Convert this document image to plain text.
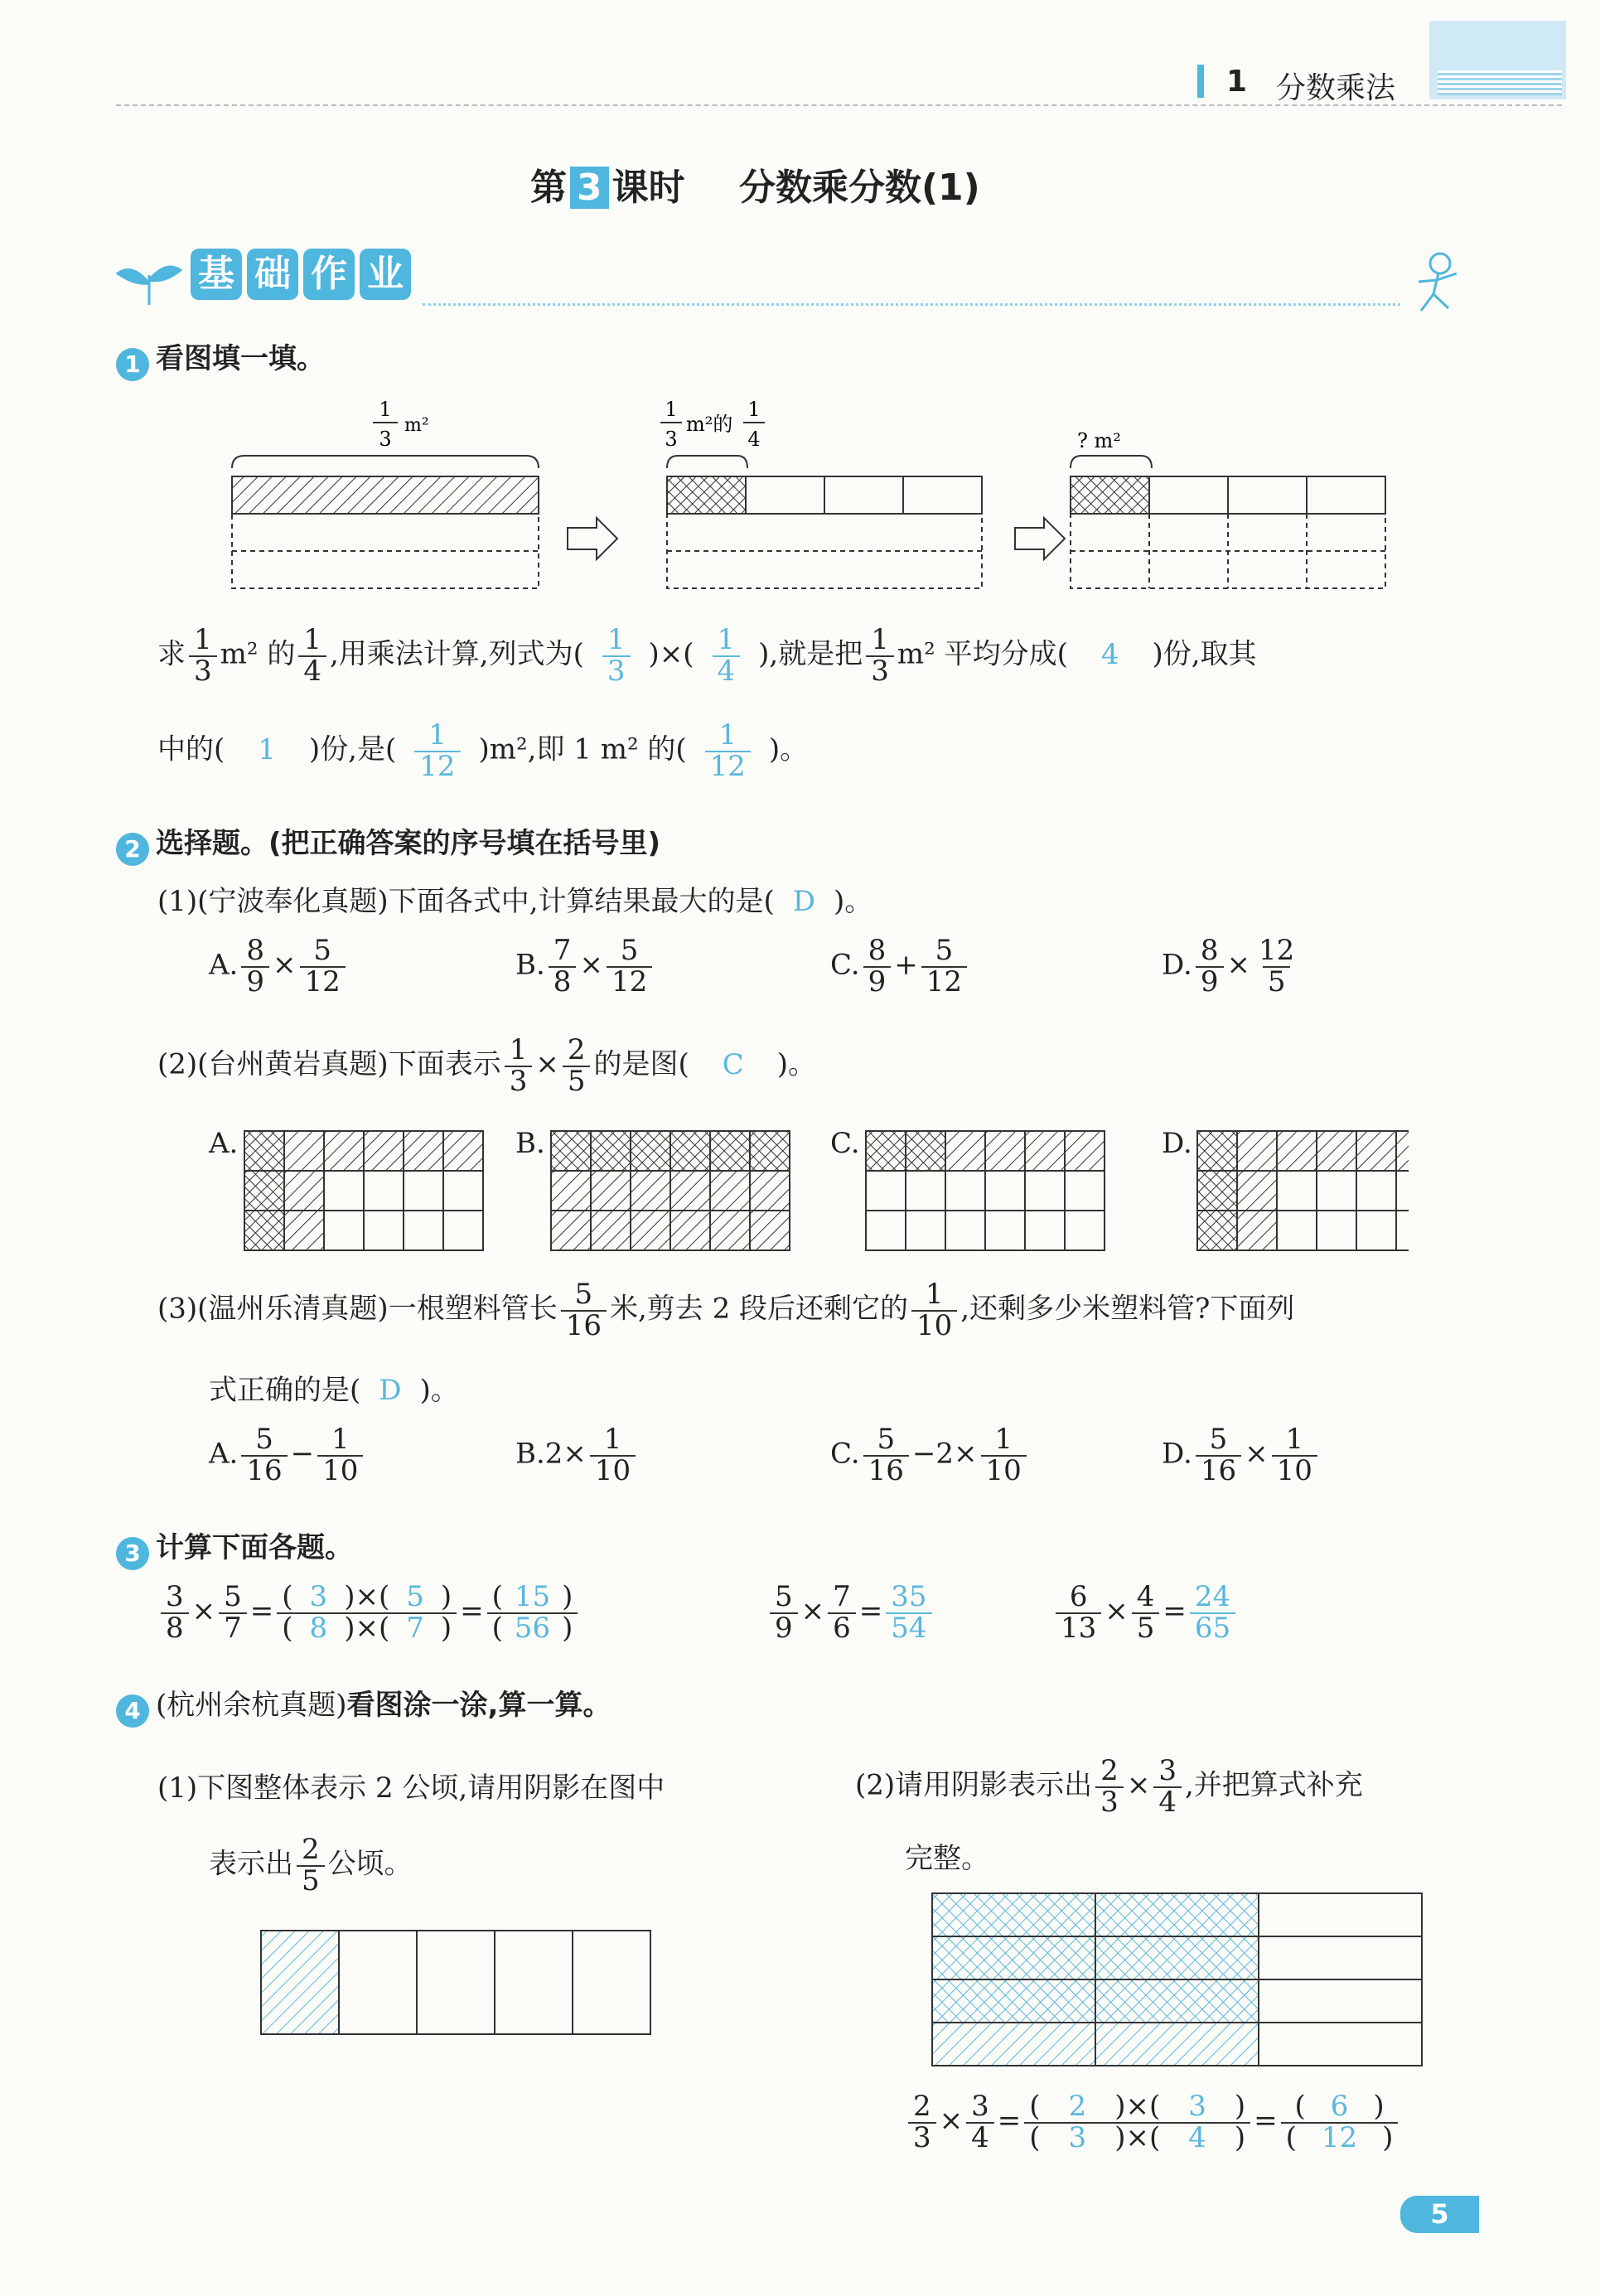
1 分数乘法
第 3 课时 分数乘分数(1)
基 础 作 业
1 看图填一填。
1
3
m²
1
3
m²的
1
4	? m²
求 $\frac{1}{3} m^2$ 的 $\frac{1}{4}$ ,用乘法计算,列式为( $\frac{1}{3}$ )×( $\frac{1}{4}$ ),就是把 $\frac{1}{3} m^2$ 平均分成( 4 )份,取其
中的( 1 )份,是( $\frac{1}{12} )m^2$,即 1 m² 的( $\frac{1}{12}$ )。
2 选择题。(把正确答案的序号填在括号里)
(1)(宁波奉化真题)下面各式中,计算结果最大的是( D )。
A. $\frac{8}{9} \times \frac{5}{12}$	B. $\frac{7}{8} \times \frac{5}{12}$	C. $\frac{8}{9} + \frac{5}{12}$	D. $\frac{8}{9} \times \frac{12}{5}$
(2)(台州黄岩真题)下面表示 $\frac{1}{3} \times \frac{2}{5}$ 的是图( C )。
A.	B.	C.	D.
(3)(温州乐清真题)一根塑料管长 $\frac{5}{16}$ 米,剪去 2 段后还剩它的 $\frac{1}{10}$ ,还剩多少米塑料管?下面列
式正确的是( D )。
A. $\frac{5}{16} - \frac{1}{10}$	$B.2\times \frac{1}{10}$	C. $\frac{5}{16} -2\times \frac{1}{10}$	D. $\frac{5}{16} \times \frac{1}{10}$
3 计算下面各题。
$\frac{3}{8} \times \frac{5}{7} = \frac{( 3 )\times( 5 )}{( 8 )\times( 7 )} = \frac{( 15 )}{( 56 )}$	$\frac{5}{9} \times \frac{7}{6} = \frac{35}{54}$	$\frac{6}{13} \times \frac{4}{5} = \frac{24}{65}$
4 (杭州余杭真题)看图涂一涂,算一算。
(1)下图整体表示 2 公顷,请用阴影在图中
表示出 $\frac{2}{5}$ 公顷。
(2)请用阴影表示出 $\frac{2}{3} \times \frac{3}{4}$ ,并把算式补充
完整。
$\frac{2}{3} \times \frac{3}{4} = \frac{( 2 )\times( 3 )}{( 3 )\times( 4 )} = \frac{( 6 )}{( 12 )}$
5
